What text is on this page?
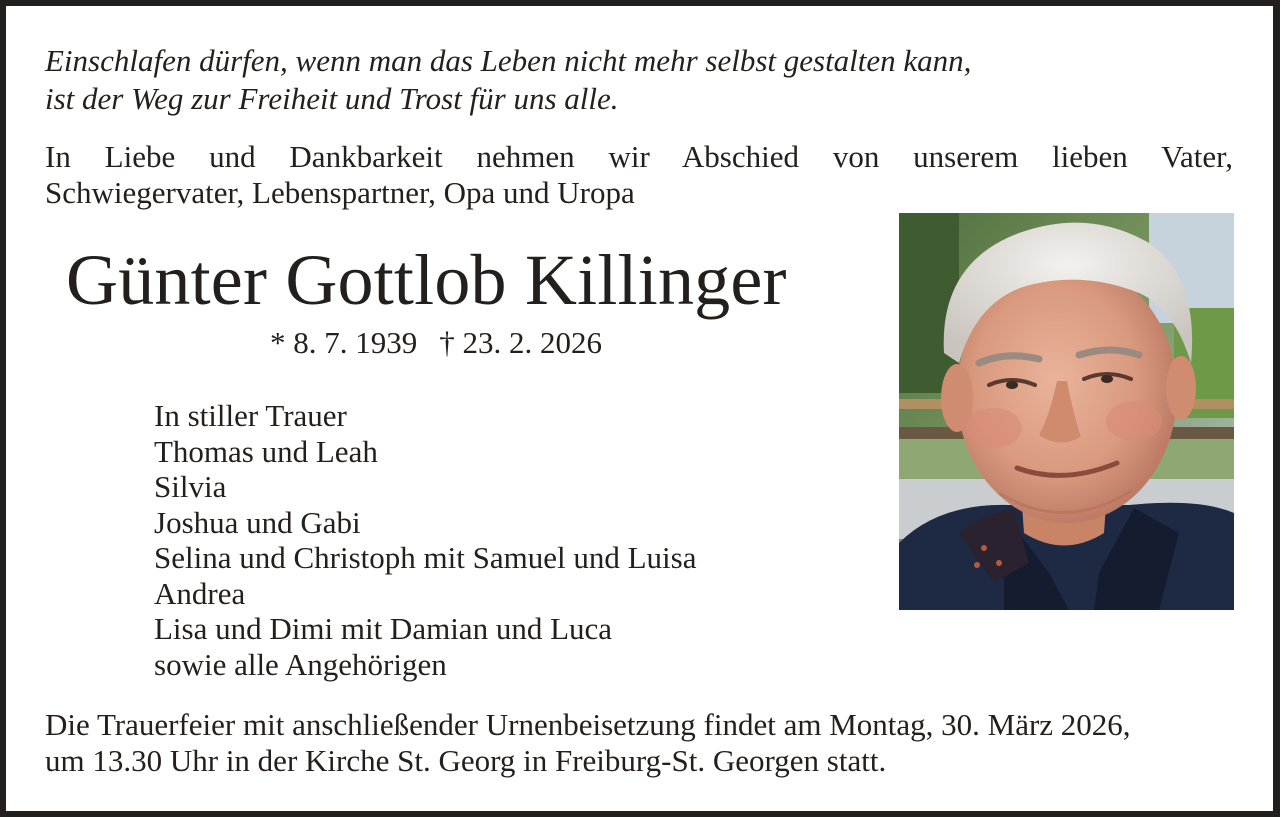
Einschlafen dürfen, wenn man das Leben nicht mehr selbst gestalten kann,
ist der Weg zur Freiheit und Trost für uns alle.

In Liebe und Dankbarkeit nehmen wir Abschied von unserem lieben Vater,
Schwiegervater, Lebenspartner, Opa und Uropa

Günter Gottlob Killinger
* 8. 7. 1939 † 23. 2. 2026
In stiller Trauer
Thomas und Leah
Silvia
Joshua und Gabi
Selina und Christoph mit Samuel und Luisa
Andrea
Lisa und Dimi mit Damian und Luca
sowie alle Angehörigen

Die Trauerfeier mit anschließender Urnenbeisetzung findet am Montag, 30. März 2026,
um 13.30 Uhr in der Kirche St. Georg in Freiburg-St. Georgen statt.
